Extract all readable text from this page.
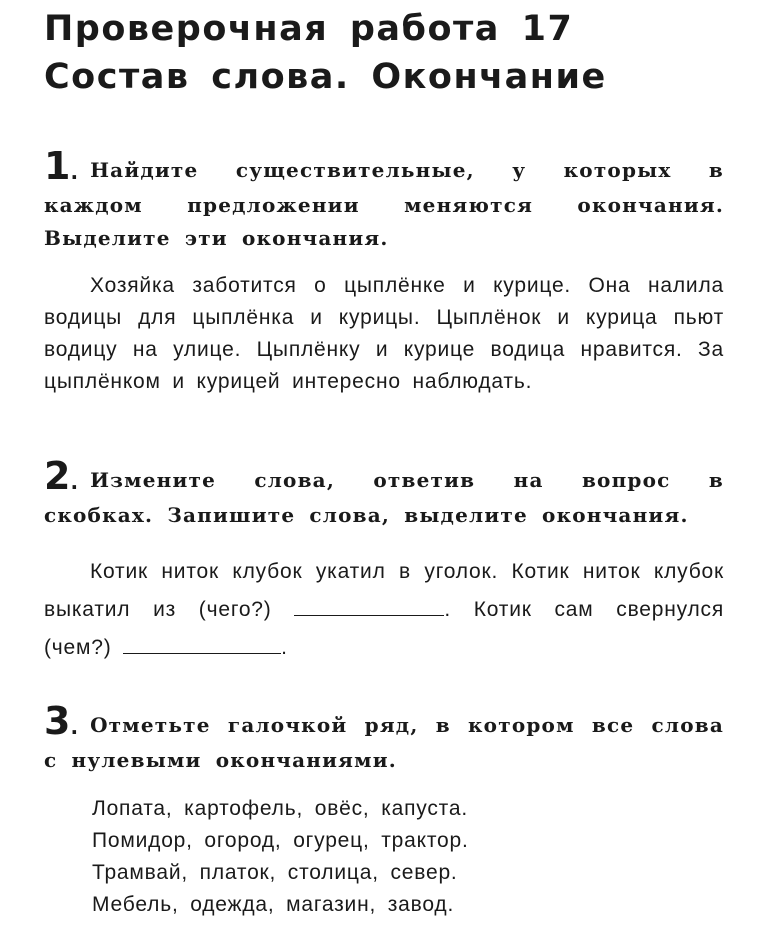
Проверочная работа 17
Состав слова. Окончание

1. Найдите существительные, у которых в каждом предложении меняются окончания. Выделите эти окончания.

Хозяйка заботится о цыплёнке и курице. Она налила водицы для цыплёнка и курицы. Цыплёнок и курица пьют водицу на улице. Цыплёнку и курице водица нравится. За цыплёнком и курицей интересно наблюдать.

2. Измените слова, ответив на вопрос в скобках. Запишите слова, выделите окончания.

Котик ниток клубок укатил в уголок. Котик ниток клубок выкатил из (чего?)	. Котик сам свернулся (чем?)	.

3. Отметьте галочкой ряд, в котором все слова с нулевыми окончаниями.

Лопата, картофель, овёс, капуста.
Помидор, огород, огурец, трактор.
Трамвай, платок, столица, север.
Мебель, одежда, магазин, завод.
